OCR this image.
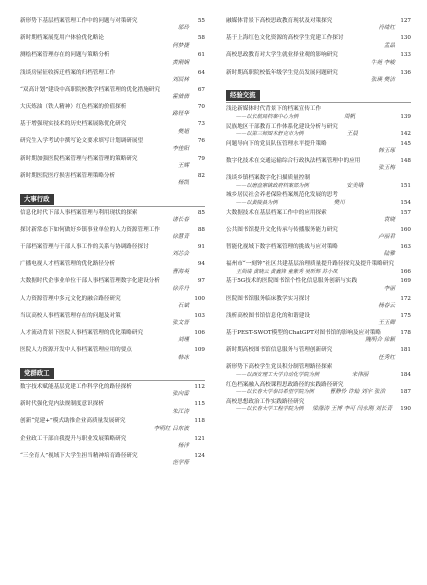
新形势下基层档案管理工作中的问题与对策研究	55
邬玲
新时期档案展览用户体验优化略论	58
何梦捷
测绘档案管理存在的问题与策略分析	61
黄俐娴
浅谈房屋征收拆迁档案的归档管理工作	64
刘辰林
“双高计划”建设中高职院校教学档案管理的优化措施研究	67
霍倩倩
大庆炼油（铁人精神）红色档案的价值探析	70
路钰华
基于增强现实技术的历史档案展陈优化研究	73
樊旭
研究生入学考试中撰写论文要求填写计划调研展望	76
李佳阳
新时期加强医院档案管理与档案管理的策略研究	79
王辉
新时期医院医疗损害档案管理策略分析	82
杨凯
大事行政
信息化时代下部人事档案管理与利用现状的探索	85
诸长春
探讨新常态下如何做好乡镇事业单位的人力资源管理工作	88
徐慧青
干部档案管理与干部人事工作的关系与协调路径探讨	91
刘芯会
广播电视人才档案管理的优化路径分析	94
曹海英
大数据时代企事业单位干部人事档案管理数字化建设分析	97
徐乔丹
人力资源管理中多元文化的融合路径研究	100
石斌
当议高校人事档案管理存在的问题及对策	103
张文晋
人才流动背景下医院人事档案管理的优化策略研究	106
刘瑾
医院人力资源开发中人事档案管理应用的要点	109
韩冰
党群政工
数字技术赋能基层党建工作科学化的路径探析	112
张向雷
新时代强化党内法规制度意识探析	115
朱江涛
创新“党建+”模式助推企业高质量发展研究	118
李明红 吕东波
企业政工干部自我提升与职业发展策略研究	121
杨洋
“三全育人”视域下大学生担当精神培育路径研究	124
范学帮
融媒体背景下高校思政教育现状及对策探究	127
肖绮红
基于上海红色文化资源的高校学生党建工作探讨	130
孟晶
高校思政教育对大学生就业择业观的影响研究	133
牛苑 李峻
新时期高职院校低年级学生党员发展问题研究	136
张瑛 樊洁
经验交流
浅论新媒体时代背景下的档案宣传工作
——以长航局档案中心为例	周帆	139
民族地区干部教育工作体系化建设分析与研究
——以第三师图木舒克市为例	王晨	142
问题导向下的党员队伍管理水平提升策略	145
韩玉琢
数字化技术在交通运输综合行政执法档案管理中的应用	148
张玉梅
浅谈乡镇档案数字化扫描质量控制
——以磨盘寨镇政府档案部为例	安美娥	151
城乡居民社会养老保险档案规范化发展的思考
——以黄陵县为例	樊川	154
大数据技术在基层档案工作中的应用探索	157
袁晓
公共图书馆提升文化传承与传播服务能力研究	160
卢丽君
智能化视域下数字档案管理的挑战与应对策略	163
陆雅
福州市“一刻钟”社区共建基层治理质量提升路径探究及提升策略研究
王尚靖 黄晓云 黄鑫锋 童紫秀 吴昕辉 苏小凤	166
基于5G技术的医院图书馆个性化信息服务创新与实践	169
李丽
医院图书馆服务临床教学实习探讨	172
杨春云
浅析高校图书馆信息化的和谐建设	175
王玉卿
基于PEST-SWOT模型的ChatGPT对图书馆的影响及应对策略	178
隗明合 徐颖
新时期高校图书馆信息服务与管理创新研究	181
任秀红
新形势下高校学生党员积分制管理路径探索
——以西安理工大学自动化学院为例	来伟丽	184
红色档案融入高校课程思政路径的实践路径研究
——以长春大学泰昌希望学院为例	曹静怜 许灿 刘宇 张浩	187
高校思想政治工作实践路径研究
——以长春大学工程学院为例	梁涤涛 王博 李可 闫永刚 刘长青	190
